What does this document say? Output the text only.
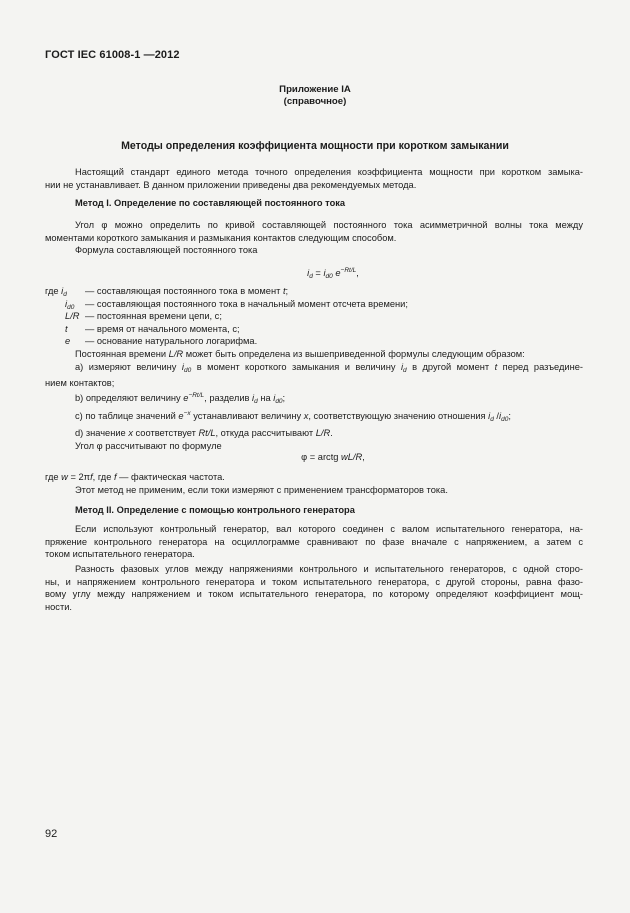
ГОСТ IEC 61008-1 —2012
Приложение IA
(справочное)
Методы определения коэффициента мощности при коротком замыкании

Настоящий стандарт единого метода точного определения коэффициента мощности при коротком замыка-

нии не устанавливает. В данном приложении приведены два рекомендуемых метода.

Метод I. Определение по составляющей постоянного тока

Угол φ можно определить по кривой составляющей постоянного тока асимметричной волны тока между

моментами короткого замыкания и размыкания контактов следующим способом.

Формула составляющей постоянного тока

$i_d = i_{d0}$ $e^{-Rt/L}$,

где $i_d$ — составляющая постоянного тока в момент t;

$i_{d0}$ — составляющая постоянного тока в начальный момент отсчета времени;

L/R — постоянная времени цепи, с;

t — время от начального момента, с;

e — основание натурального логарифма.

Постоянная времени L/R может быть определена из вышеприведенной формулы следующим образом:

а) измеряют величину $i_{d0}$ в момент короткого замыкания и величину $i_d$ в другой момент t перед разъедине-

нием контактов;

b) определяют величину $e^{-Rt/L}$, разделив $i_d$ на $i_{d0}$;

c) по таблице значений $e^{-x}$ устанавливают величину x, соответствующую значению отношения $i_d$ $/i_{d0}$;

d) значение x соответствует Rt/L, откуда рассчитывают L/R.

Угол φ рассчитывают по формуле

φ = arctg wL/R,

где w = 2πf, где f — фактическая частота.

Этот метод не применим, если токи измеряют с применением трансформаторов тока.

Метод II. Определение с помощью контрольного генератора

Если используют контрольный генератор, вал которого соединен с валом испытательного генератора, на-

пряжение контрольного генератора на осциллограмме сравнивают по фазе вначале с напряжением, а затем с

током испытательного генератора.

Разность фазовых углов между напряжениями контрольного и испытательного генераторов, с одной сторо-

ны, и напряжением контрольного генератора и током испытательного генератора, с другой стороны, равна фазо-

вому углу между напряжением и током испытательного генератора, по которому определяют коэффициент мощ-

ности.

92
